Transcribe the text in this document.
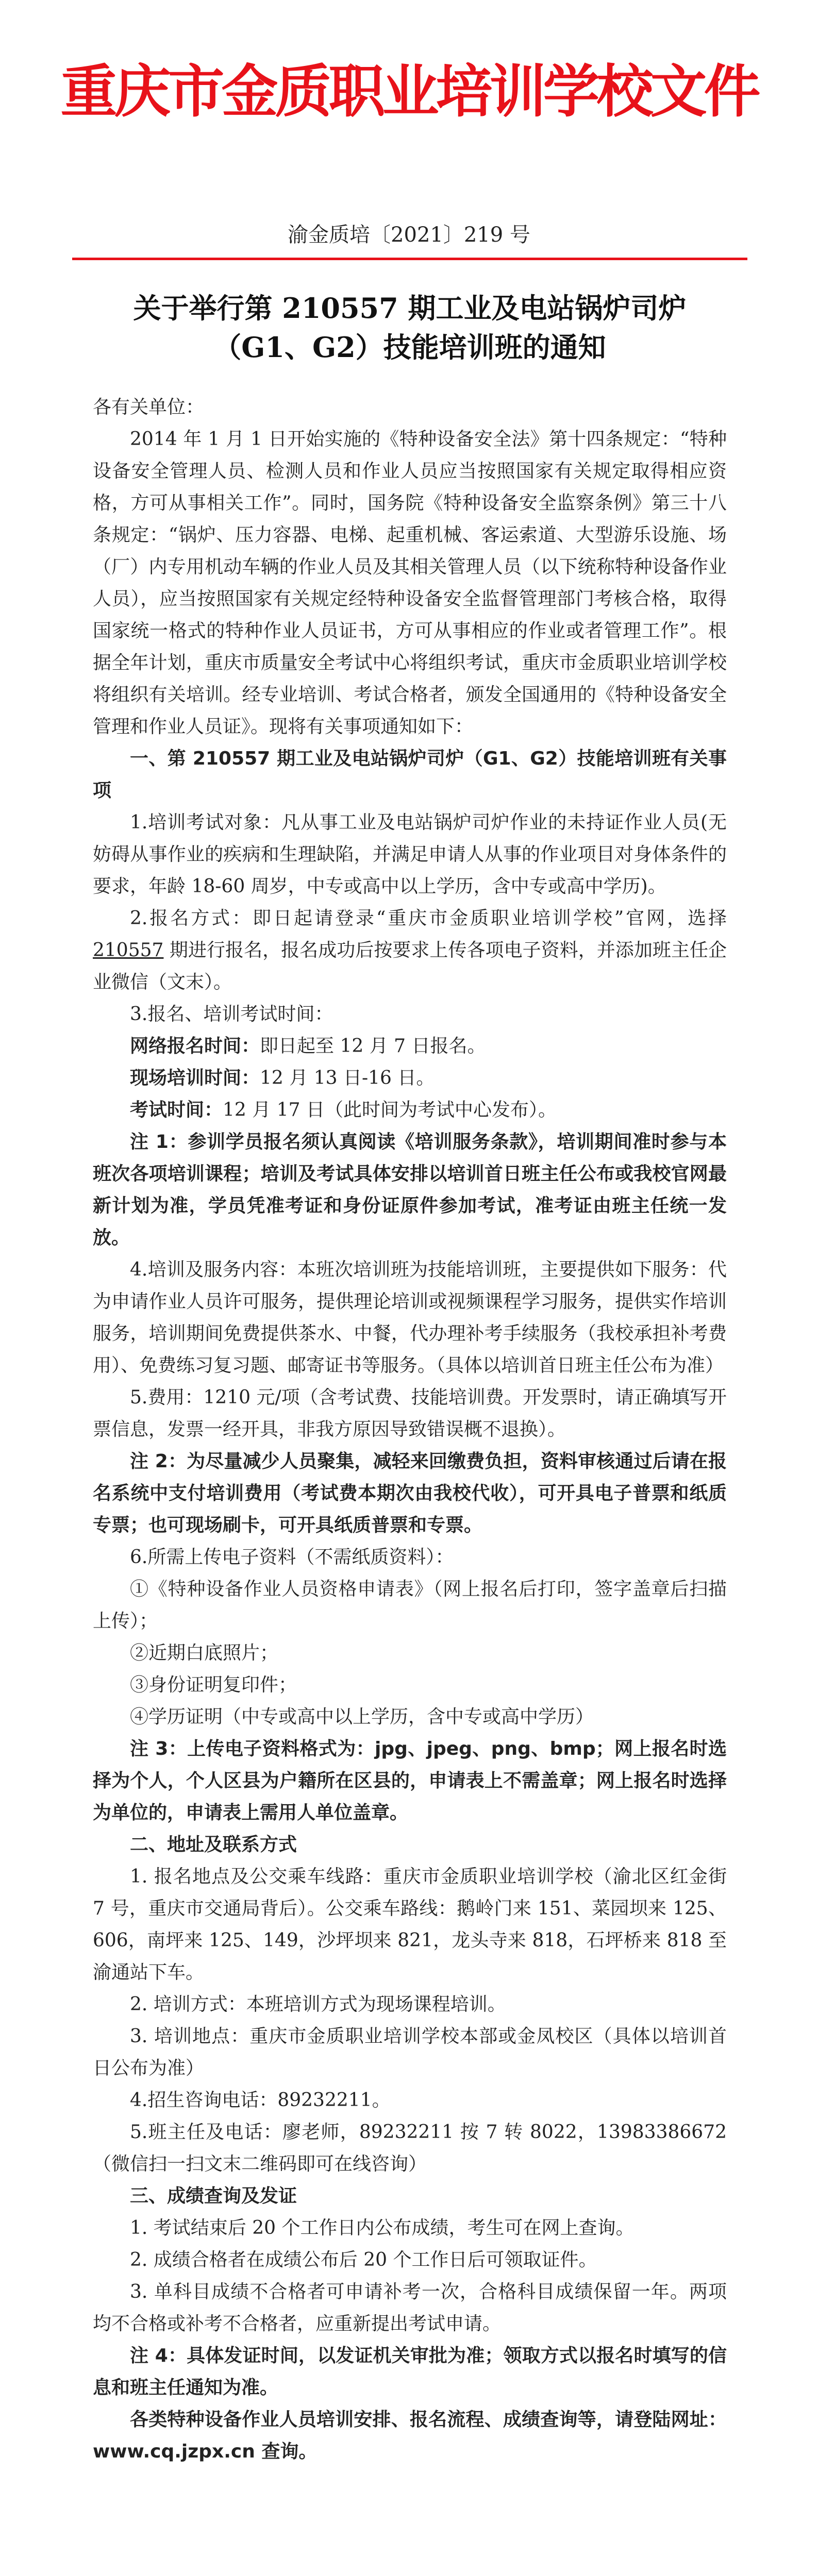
重庆市金质职业培训学校文件
渝金质培〔2021〕219 号
关于举行第 210557 期工业及电站锅炉司炉
（G1、G2）技能培训班的通知

各有关单位：

2014 年 1 月 1 日开始实施的《特种设备安全法》第十四条规定：“特种设备安全管理人员、检测人员和作业人员应当按照国家有关规定取得相应资格，方可从事相关工作”。同时，国务院《特种设备安全监察条例》第三十八条规定：“锅炉、压力容器、电梯、起重机械、客运索道、大型游乐设施、场（厂）内专用机动车辆的作业人员及其相关管理人员（以下统称特种设备作业人员），应当按照国家有关规定经特种设备安全监督管理部门考核合格，取得国家统一格式的特种作业人员证书，方可从事相应的作业或者管理工作”。根据全年计划，重庆市质量安全考试中心将组织考试，重庆市金质职业培训学校将组织有关培训。经专业培训、考试合格者，颁发全国通用的《特种设备安全管理和作业人员证》。现将有关事项通知如下：

一、第 210557 期工业及电站锅炉司炉（G1、G2）技能培训班有关事项

1.培训考试对象：凡从事工业及电站锅炉司炉作业的未持证作业人员(无妨碍从事作业的疾病和生理缺陷，并满足申请人从事的作业项目对身体条件的要求，年龄 18-60 周岁，中专或高中以上学历，含中专或高中学历)。

2.报名方式：即日起请登录“重庆市金质职业培训学校”官网，选择 210557 期进行报名，报名成功后按要求上传各项电子资料，并添加班主任企业微信（文末）。

3.报名、培训考试时间：

网络报名时间：即日起至 12 月 7 日报名。

现场培训时间：12 月 13 日-16 日。

考试时间：12 月 17 日（此时间为考试中心发布）。

注 1：参训学员报名须认真阅读《培训服务条款》，培训期间准时参与本班次各项培训课程；培训及考试具体安排以培训首日班主任公布或我校官网最新计划为准，学员凭准考证和身份证原件参加考试，准考证由班主任统一发放。

4.培训及服务内容：本班次培训班为技能培训班，主要提供如下服务：代为申请作业人员许可服务，提供理论培训或视频课程学习服务，提供实作培训服务，培训期间免费提供茶水、中餐，代办理补考手续服务（我校承担补考费用）、免费练习复习题、邮寄证书等服务。（具体以培训首日班主任公布为准）

5.费用：1210 元/项（含考试费、技能培训费。开发票时，请正确填写开票信息，发票一经开具，非我方原因导致错误概不退换）。

注 2：为尽量减少人员聚集，减轻来回缴费负担，资料审核通过后请在报名系统中支付培训费用（考试费本期次由我校代收），可开具电子普票和纸质专票；也可现场刷卡，可开具纸质普票和专票。

6.所需上传电子资料（不需纸质资料）：

①《特种设备作业人员资格申请表》（网上报名后打印，签字盖章后扫描上传）；

②近期白底照片；

③身份证明复印件；

④学历证明（中专或高中以上学历，含中专或高中学历）

注 3：上传电子资料格式为：jpg、jpeg、png、bmp；网上报名时选择为个人，个人区县为户籍所在区县的，申请表上不需盖章；网上报名时选择为单位的，申请表上需用人单位盖章。

二、地址及联系方式

1. 报名地点及公交乘车线路：重庆市金质职业培训学校（渝北区红金街 7 号，重庆市交通局背后）。公交乘车路线：鹅岭门来 151、菜园坝来 125、606，南坪来 125、149，沙坪坝来 821，龙头寺来 818，石坪桥来 818 至渝通站下车。

2. 培训方式：本班培训方式为现场课程培训。

3. 培训地点：重庆市金质职业培训学校本部或金凤校区（具体以培训首日公布为准）

4.招生咨询电话：89232211。

5.班主任及电话：廖老师，89232211 按 7 转 8022，13983386672（微信扫一扫文末二维码即可在线咨询）

三、成绩查询及发证

1. 考试结束后 20 个工作日内公布成绩，考生可在网上查询。

2. 成绩合格者在成绩公布后 20 个工作日后可领取证件。

3. 单科目成绩不合格者可申请补考一次，合格科目成绩保留一年。两项均不合格或补考不合格者，应重新提出考试申请。

注 4：具体发证时间，以发证机关审批为准；领取方式以报名时填写的信息和班主任通知为准。

各类特种设备作业人员培训安排、报名流程、成绩查询等，请登陆网址：www.cq.jzpx.cn 查询。
